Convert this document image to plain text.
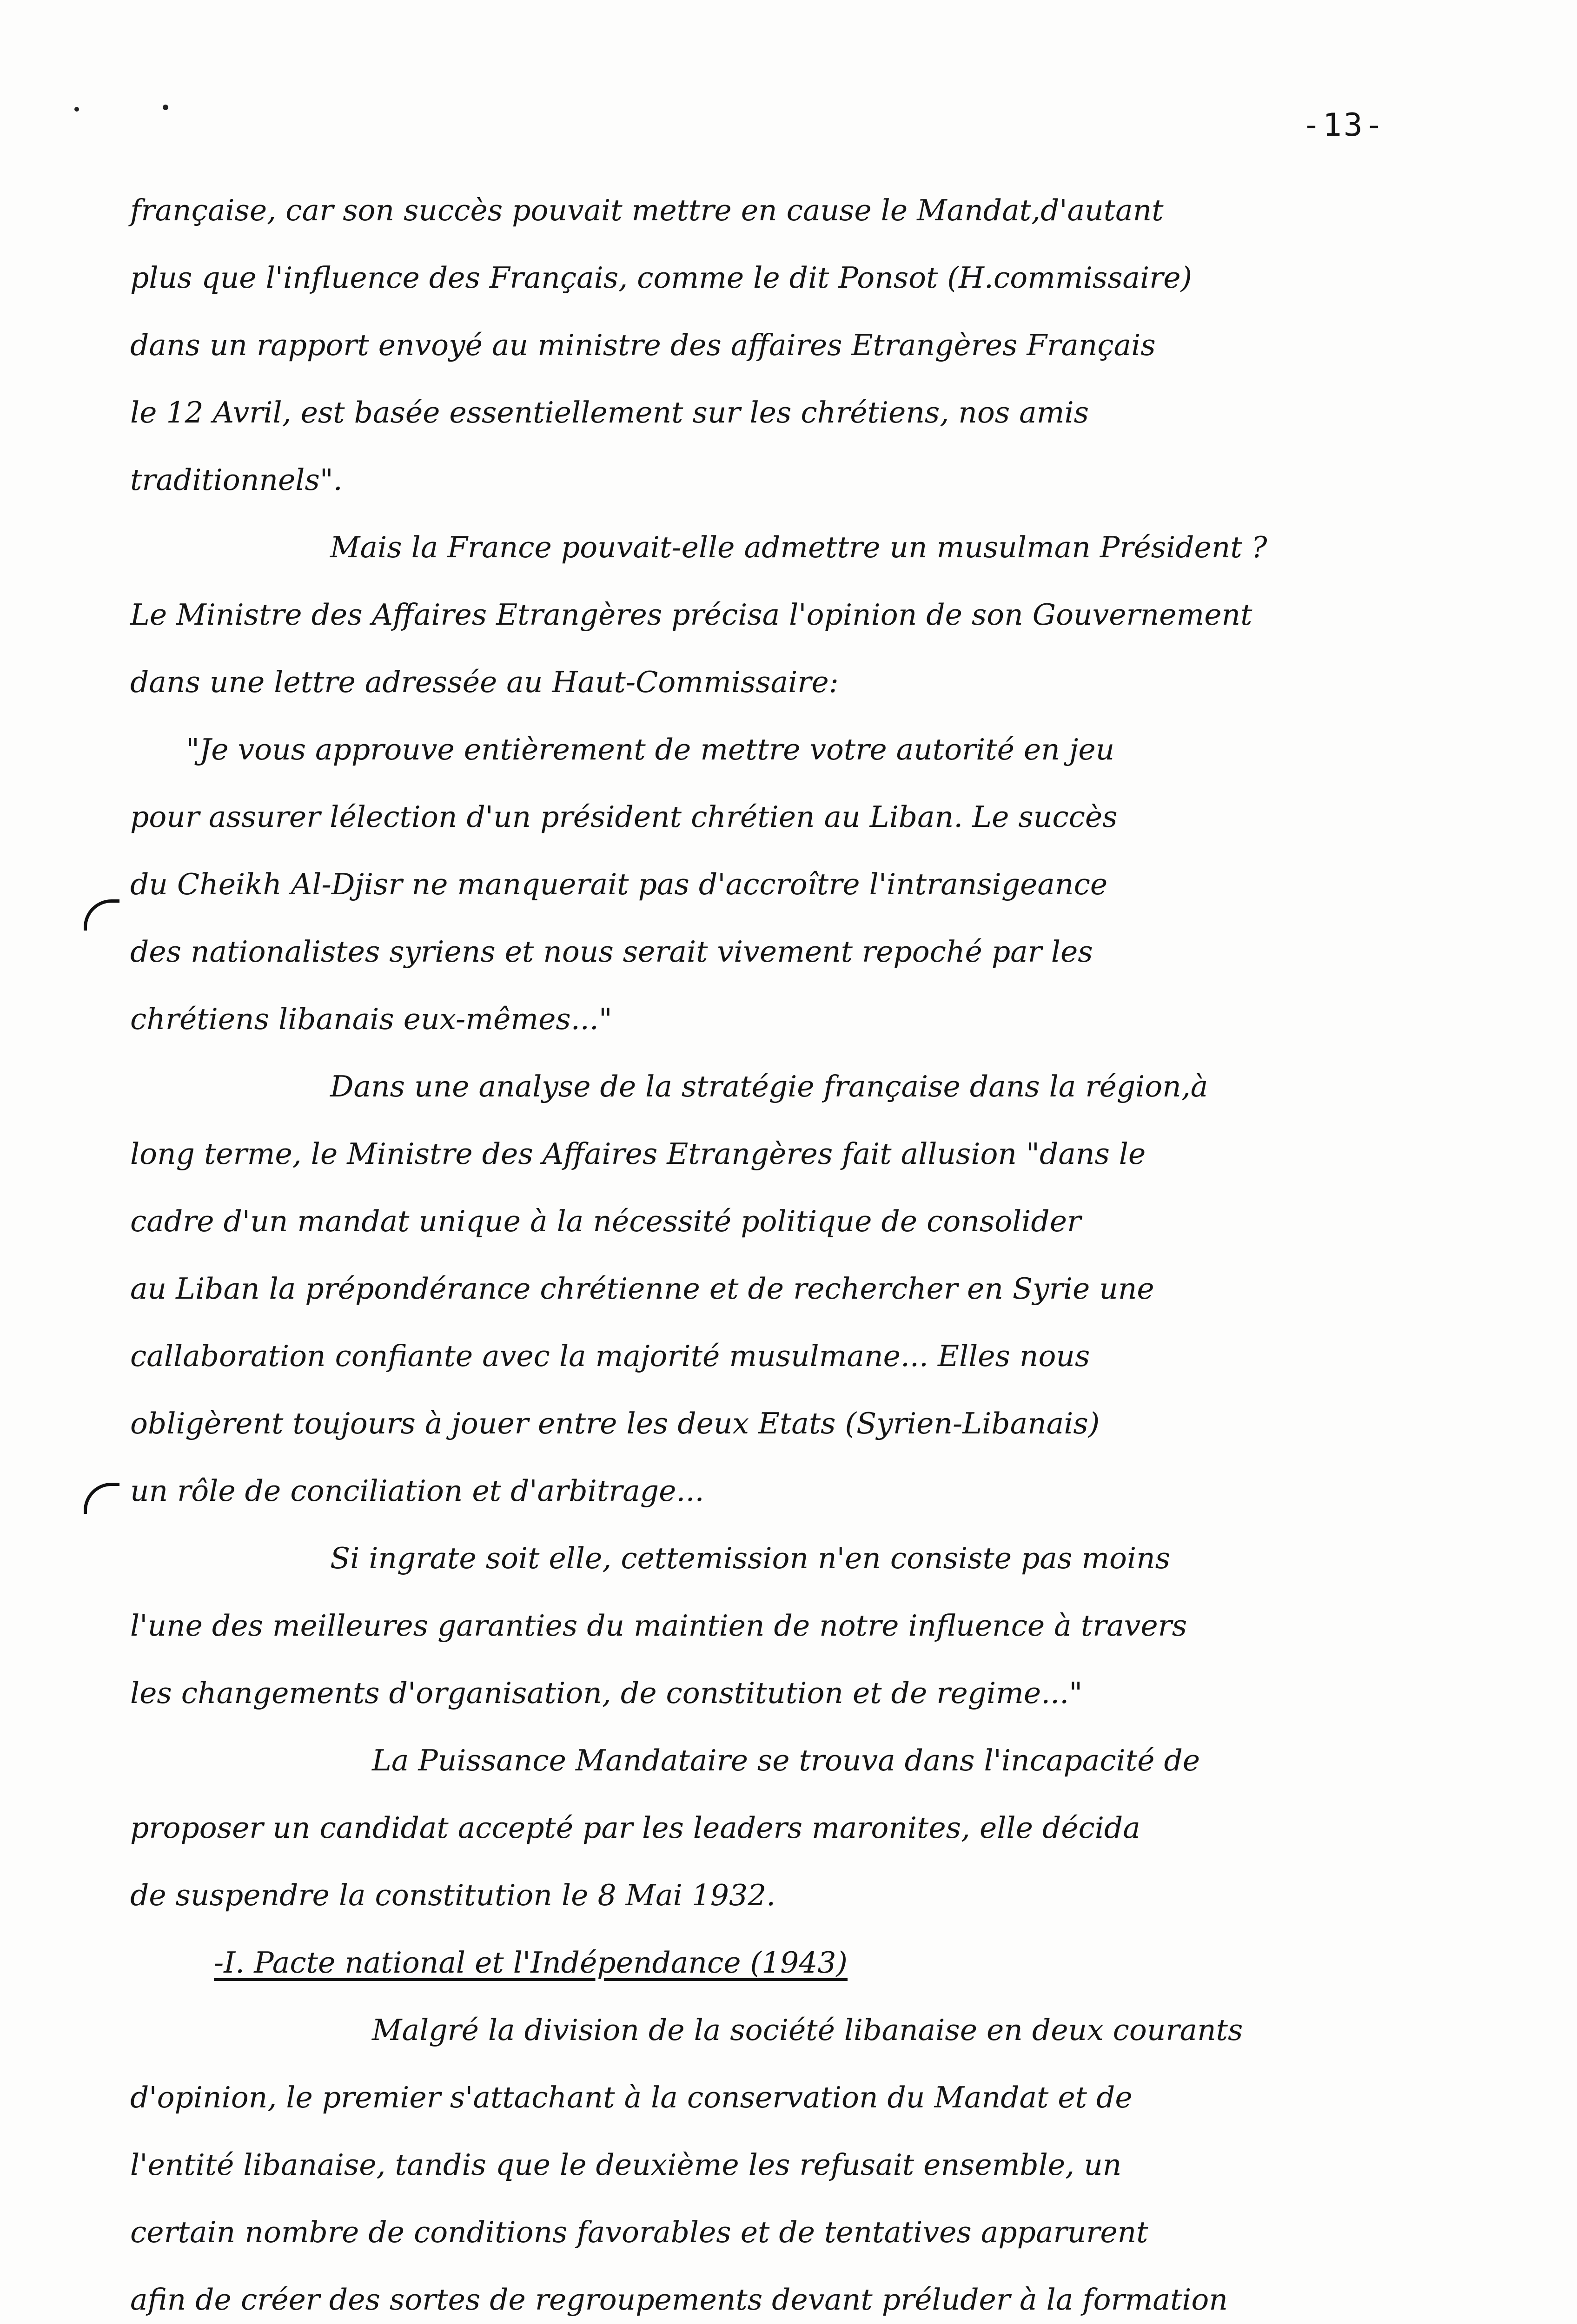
-13-
française, car son succès pouvait mettre en cause le Mandat,d'autant
plus que l'influence des Français, comme le dit Ponsot (H.commissaire)
dans un rapport envoyé au ministre des affaires Etrangères Français
le 12 Avril, est basée essentiellement sur les chrétiens, nos amis
traditionnels".
Mais la France pouvait-elle admettre un musulman Président ?
Le Ministre des Affaires Etrangères précisa l'opinion de son Gouvernement
dans une lettre adressée au Haut-Commissaire:
"Je vous approuve entièrement de mettre votre autorité en jeu
pour assurer lélection d'un président chrétien au Liban. Le succès
du Cheikh Al-Djisr ne manquerait pas d'accroître l'intransigeance
des nationalistes syriens et nous serait vivement repoché par les
chrétiens libanais eux-mêmes..."
Dans une analyse de la stratégie française dans la région,à
long terme, le Ministre des Affaires Etrangères fait allusion "dans le
cadre d'un mandat unique à la nécessité politique de consolider
au Liban la prépondérance chrétienne et de rechercher en Syrie une
callaboration confiante avec la majorité musulmane... Elles nous
obligèrent toujours à jouer entre les deux Etats (Syrien-Libanais)
un rôle de conciliation et d'arbitrage...
Si ingrate soit elle, cettemission n'en consiste pas moins
l'une des meilleures garanties du maintien de notre influence à travers
les changements d'organisation, de constitution et de regime..."
La Puissance Mandataire se trouva dans l'incapacité de
proposer un candidat accepté par les leaders maronites, elle décida
de suspendre la constitution le 8 Mai 1932.
-I. Pacte national et l'Indépendance (1943)
Malgré la division de la société libanaise en deux courants
d'opinion, le premier s'attachant à la conservation du Mandat et de
l'entité libanaise, tandis que le deuxième les refusait ensemble, un
certain nombre de conditions favorables et de tentatives apparurent
afin de créer des sortes de regroupements devant préluder à la formation
